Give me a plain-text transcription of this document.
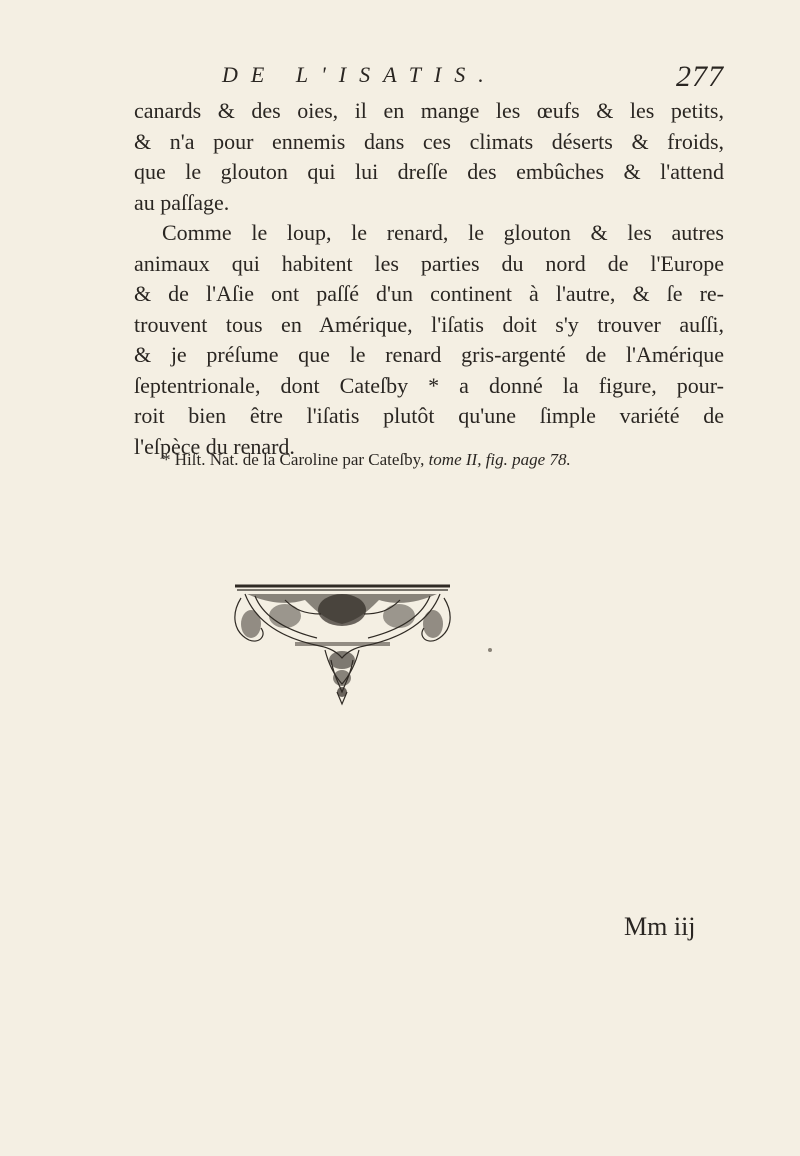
DE L'ISATIS.	277
canards & des oies, il en mange les œufs & les petits,
& n'a pour ennemis dans ces climats déserts & froids,
que le glouton qui lui dreſſe des embûches & l'attend
au paſſage.
Comme le loup, le renard, le glouton & les autres
animaux qui habitent les parties du nord de l'Europe
& de l'Aſie ont paſſé d'un continent à l'autre, & ſe re-
trouvent tous en Amérique, l'iſatis doit s'y trouver auſſi,
& je préſume que le renard gris-argenté de l'Amérique
ſeptentrionale, dont Cateſby * a donné la figure, pour-
roit bien être l'iſatis plutôt qu'une ſimple variété de
l'eſpèce du renard.
* Hiſt. Nat. de la Caroline par Cateſby, tome II, fig. page 78.
Mm iij
